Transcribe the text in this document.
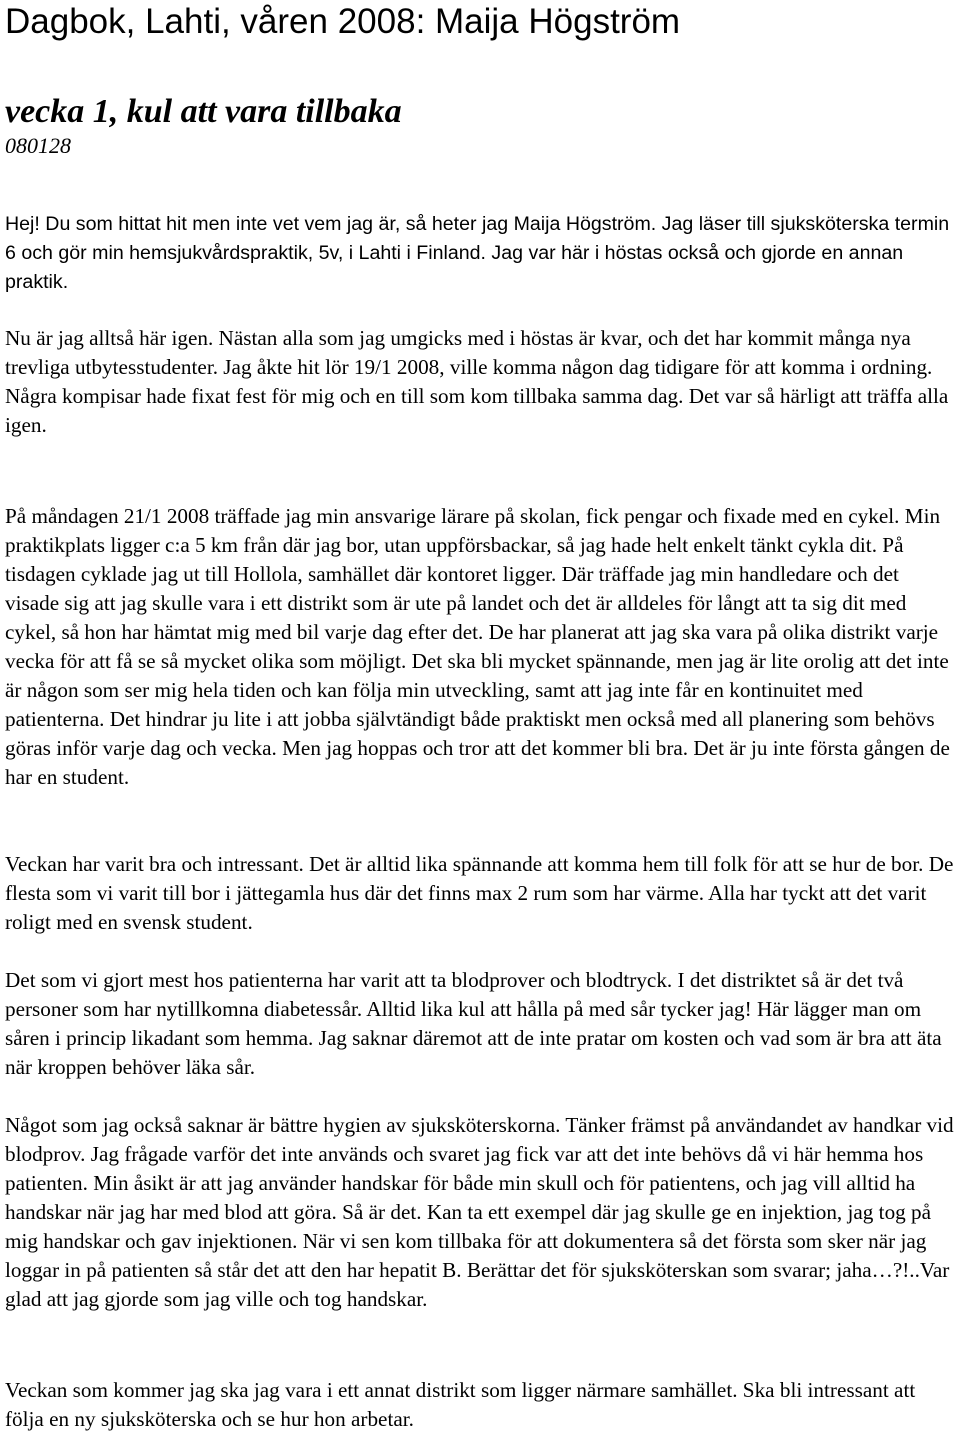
Dagbok, Lahti, våren 2008: Maija Högström
vecka 1, kul att vara tillbaka
080128

Hej! Du som hittat hit men inte vet vem jag är, så heter jag Maija Högström. Jag läser till sjuksköterska termin 6 och gör min hemsjukvårdspraktik, 5v, i Lahti i Finland. Jag var här i höstas också och gjorde en annan praktik.

Nu är jag alltså här igen. Nästan alla som jag umgicks med i höstas är kvar, och det har kommit många nya trevliga utbytesstudenter. Jag åkte hit lör 19/1 2008, ville komma någon dag tidigare för att komma i ordning. Några kompisar hade fixat fest för mig och en till som kom tillbaka samma dag. Det var så härligt att träffa alla igen.

På måndagen 21/1 2008 träffade jag min ansvarige lärare på skolan, fick pengar och fixade med en cykel. Min praktikplats ligger c:a 5 km från där jag bor, utan uppförsbackar, så jag hade helt enkelt tänkt cykla dit. På tisdagen cyklade jag ut till Hollola, samhället där kontoret ligger. Där träffade jag min handledare och det visade sig att jag skulle vara i ett distrikt som är ute på landet och det är alldeles för långt att ta sig dit med cykel, så hon har hämtat mig med bil varje dag efter det. De har planerat att jag ska vara på olika distrikt varje vecka för att få se så mycket olika som möjligt. Det ska bli mycket spännande, men jag är lite orolig att det inte är någon som ser mig hela tiden och kan följa min utveckling, samt att jag inte får en kontinuitet med patienterna. Det hindrar ju lite i att jobba självtändigt både praktiskt men också med all planering som behövs göras inför varje dag och vecka. Men jag hoppas och tror att det kommer bli bra. Det är ju inte första gången de har en student.

Veckan har varit bra och intressant. Det är alltid lika spännande att komma hem till folk för att se hur de bor. De flesta som vi varit till bor i jättegamla hus där det finns max 2 rum som har värme. Alla har tyckt att det varit roligt med en svensk student.

Det som vi gjort mest hos patienterna har varit att ta blodprover och blodtryck. I det distriktet så är det två personer som har nytillkomna diabetessår. Alltid lika kul att hålla på med sår tycker jag! Här lägger man om såren i princip likadant som hemma. Jag saknar däremot att de inte pratar om kosten och vad som är bra att äta när kroppen behöver läka sår.

Något som jag också saknar är bättre hygien av sjuksköterskorna. Tänker främst på användandet av handkar vid blodprov. Jag frågade varför det inte används och svaret jag fick var att det inte behövs då vi här hemma hos patienten. Min åsikt är att jag använder handskar för både min skull och för patientens, och jag vill alltid ha handskar när jag har med blod att göra. Så är det. Kan ta ett exempel där jag skulle ge en injektion, jag tog på mig handskar och gav injektionen. När vi sen kom tillbaka för att dokumentera så det första som sker när jag loggar in på patienten så står det att den har hepatit B. Berättar det för sjuksköterskan som svarar; jaha…?!..Var glad att jag gjorde som jag ville och tog handskar.

Veckan som kommer jag ska jag vara i ett annat distrikt som ligger närmare samhället. Ska bli intressant att följa en ny sjuksköterska och se hur hon arbetar.
